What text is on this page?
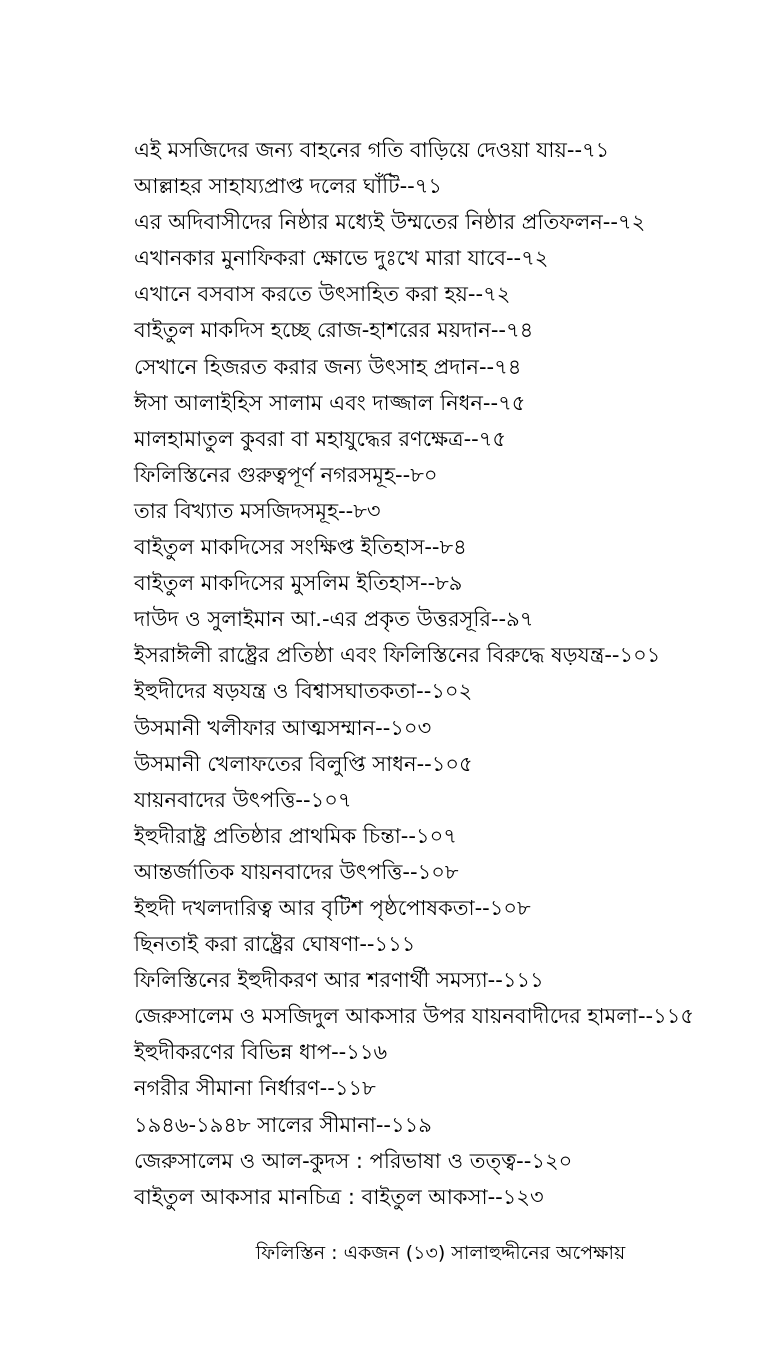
এই মসজিদের জন্য বাহনের গতি বাড়িয়ে দেওয়া যায়--৭১
আল্লাহর সাহায্যপ্রাপ্ত দলের ঘাঁটি--৭১
এর অদিবাসীদের নিষ্ঠার মধ্যেই উম্মতের নিষ্ঠার প্রতিফলন--৭২
এখানকার মুনাফিকরা ক্ষোভে দুঃখে মারা যাবে--৭২
এখানে বসবাস করতে উৎসাহিত করা হয়--৭২
বাইতুল মাকদিস হচ্ছে রোজ-হাশরের ময়দান--৭৪
সেখানে হিজরত করার জন্য উৎসাহ প্রদান--৭৪
ঈসা আলাইহিস সালাম এবং দাজ্জাল নিধন--৭৫
মালহামাতুল কুবরা বা মহাযুদ্ধের রণক্ষেত্র--৭৫
ফিলিস্তিনের গুরুত্বপূর্ণ নগরসমূহ--৮০
তার বিখ্যাত মসজিদসমূহ--৮৩
বাইতুল মাকদিসের সংক্ষিপ্ত ইতিহাস--৮৪
বাইতুল মাকদিসের মুসলিম ইতিহাস--৮৯
দাউদ ও সুলাইমান আ.-এর প্রকৃত উত্তরসূরি--৯৭
ইসরাঈলী রাষ্ট্রের প্রতিষ্ঠা এবং ফিলিস্তিনের বিরুদ্ধে ষড়যন্ত্র--১০১
ইহুদীদের ষড়যন্ত্র ও বিশ্বাসঘাতকতা--১০২
উসমানী খলীফার আত্মসম্মান--১০৩
উসমানী খেলাফতের বিলুপ্তি সাধন--১০৫
যায়নবাদের উৎপত্তি--১০৭
ইহুদীরাষ্ট্র প্রতিষ্ঠার প্রাথমিক চিন্তা--১০৭
আন্তর্জাতিক যায়নবাদের উৎপত্তি--১০৮
ইহুদী দখলদারিত্ব আর বৃটিশ পৃষ্ঠপোষকতা--১০৮
ছিনতাই করা রাষ্ট্রের ঘোষণা--১১১
ফিলিস্তিনের ইহুদীকরণ আর শরণার্থী সমস্যা--১১১
জেরুসালেম ও মসজিদুল আকসার উপর যায়নবাদীদের হামলা--১১৫
ইহুদীকরণের বিভিন্ন ধাপ--১১৬
নগরীর সীমানা নির্ধারণ--১১৮
১৯৪৬-১৯৪৮ সালের সীমানা--১১৯
জেরুসালেম ও আল-কুদস : পরিভাষা ও তত্ত্ব--১২০
বাইতুল আকসার মানচিত্র : বাইতুল আকসা--১২৩
ফিলিস্তিন : একজন (১৩) সালাহুদ্দীনের অপেক্ষায়
